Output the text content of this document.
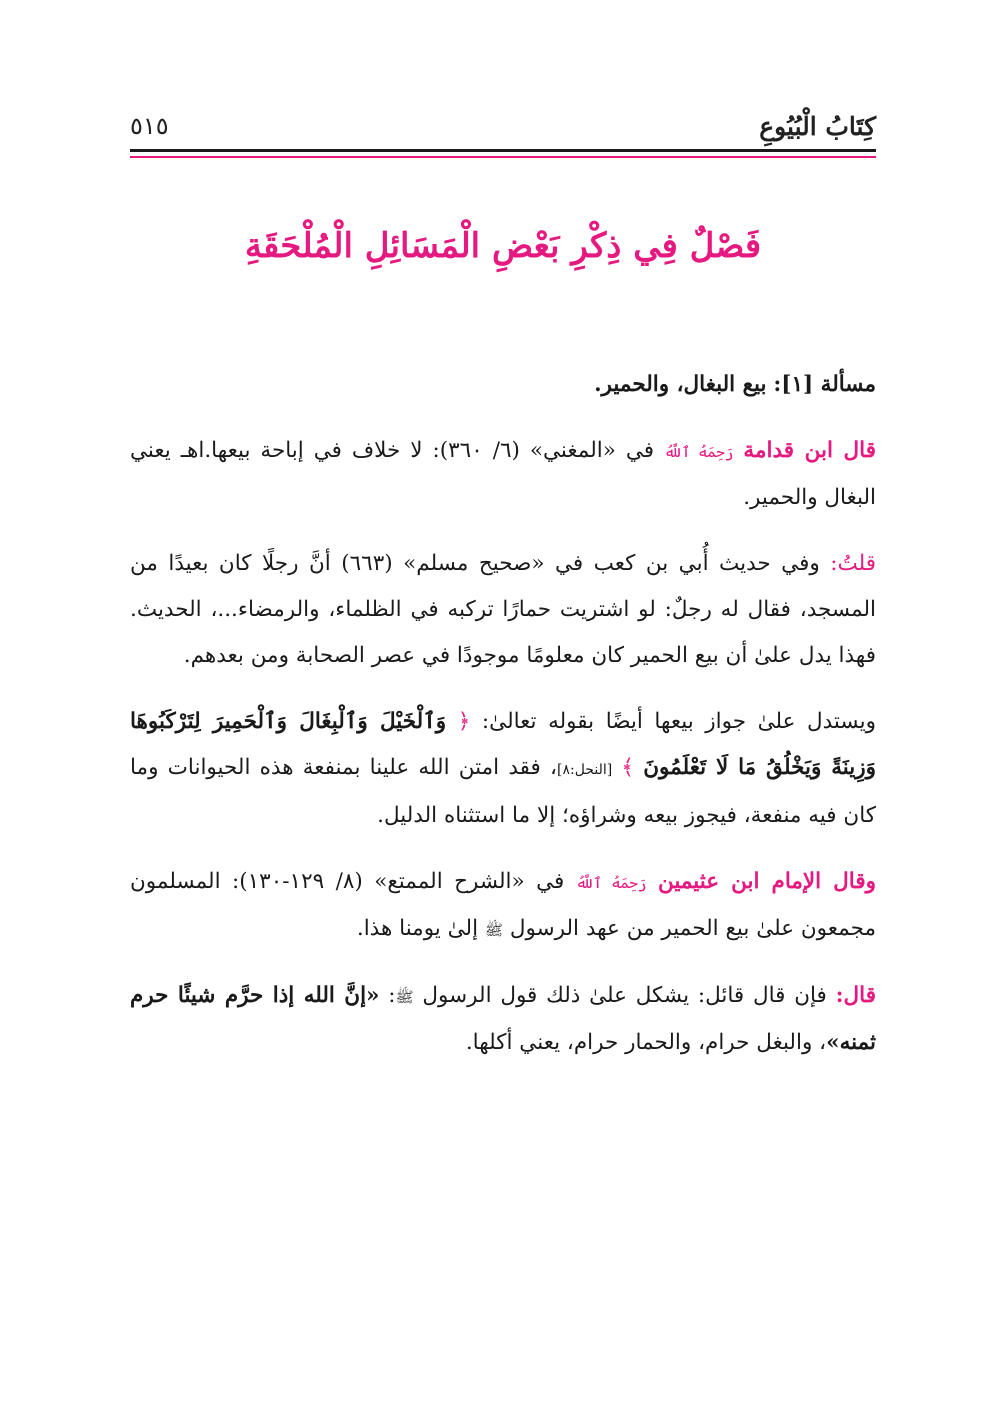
كِتَابُ الْبُيُوعِ
٥١٥
فَصْلٌ فِي ذِكْرِ بَعْضِ الْمَسَائِلِ الْمُلْحَقَةِ

مسألة [١]: بيع البغال، والحمير.

قال ابن قدامة رَحِمَهُ ٱللَّهُ في «المغني» (٦/ ٣٦٠): لا خلاف في إباحة بيعها.اهـ يعني البغال والحمير.

قلتُ: وفي حديث أُبي بن كعب في «صحيح مسلم» (٦٦٣) أنَّ رجلًا كان بعيدًا من المسجد، فقال له رجلٌ: لو اشتريت حمارًا تركبه في الظلماء، والرمضاء...، الحديث. فهذا يدل علىٰ أن بيع الحمير كان معلومًا موجودًا في عصر الصحابة ومن بعدهم.

ويستدل علىٰ جواز بيعها أيضًا بقوله تعالىٰ: ﴿ وَٱلْخَيْلَ وَٱلْبِغَالَ وَٱلْحَمِيرَ لِتَرْكَبُوهَا وَزِينَةً وَيَخْلُقُ مَا لَا تَعْلَمُونَ ﴾ [النحل:٨]، فقد امتن الله علينا بمنفعة هذه الحيوانات وما كان فيه منفعة، فيجوز بيعه وشراؤه؛ إلا ما استثناه الدليل.

وقال الإمام ابن عثيمين رَحِمَهُ ٱللَّهُ في «الشرح الممتع» (٨/ ١٢٩-١٣٠): المسلمون مجمعون علىٰ بيع الحمير من عهد الرسول ﷺ إلىٰ يومنا هذا.

قال: فإن قال قائل: يشكل علىٰ ذلك قول الرسول ﷺ: «إنَّ الله إذا حرَّم شيئًا حرم ثمنه»، والبغل حرام، والحمار حرام، يعني أكلها.
